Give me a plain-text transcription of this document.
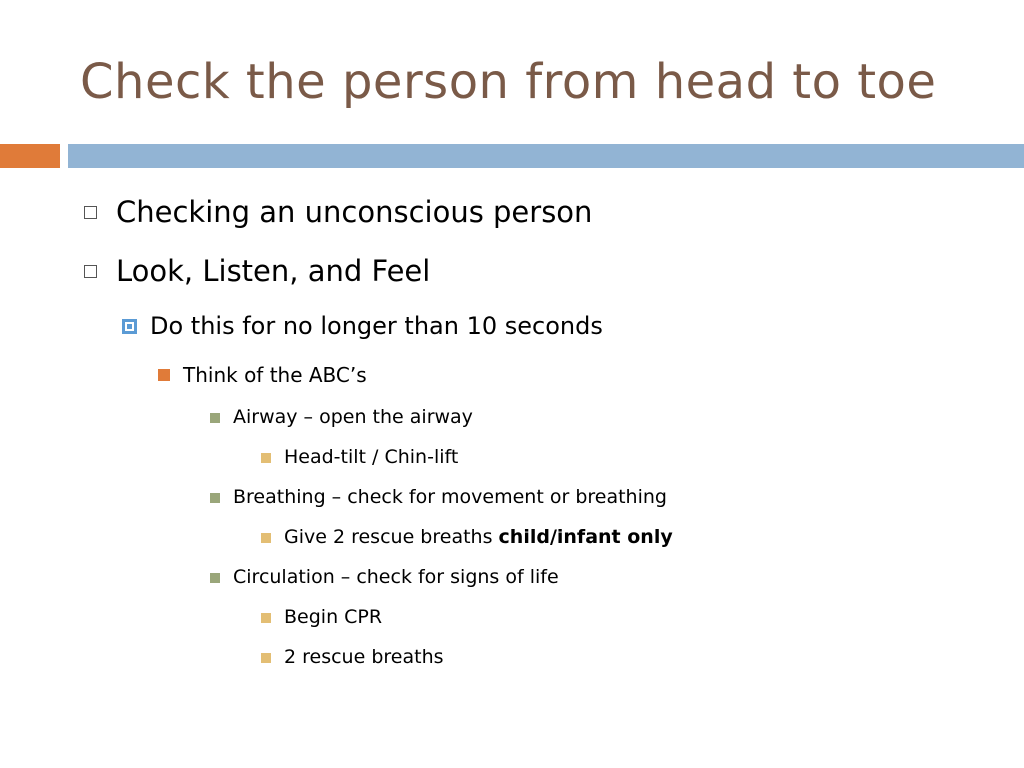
Check the person from head to toe
Checking an unconscious person
Look, Listen, and Feel
Do this for no longer than 10 seconds
Think of the ABC’s
Airway – open the airway
Head-tilt / Chin-lift
Breathing – check for movement or breathing
Give 2 rescue breaths child/infant only
Circulation – check for signs of life
Begin CPR
2 rescue breaths
